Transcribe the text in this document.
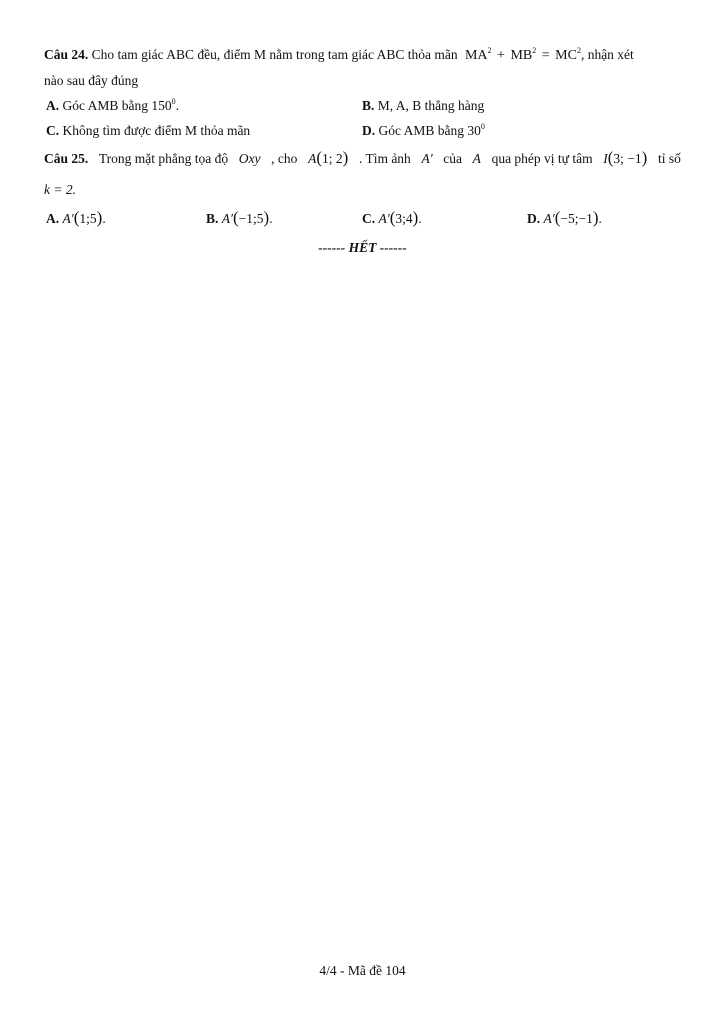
Câu 24. Cho tam giác ABC đều, điểm M nằm trong tam giác ABC thỏa mãn $MA^2 + MB^2 = MC^2$, nhận xét
nào sau đây đúng
A. Góc AMB bằng $150^0$.	B. M, A, B thẳng hàng
C. Không tìm được điểm M thỏa mãn	D. Góc AMB bằng $30^0$
Câu 25. Trong mặt phẳng tọa độ Oxy , cho A(1; 2) . Tìm ảnh A′ của A qua phép vị tự tâm I(3; −1) tỉ số
k = 2.
A. A′(1;5).	B. A′(−1;5).	C. A′(3;4).	D. A′(−5;−1).
------ HẾT ------
4/4 - Mã đề 104
